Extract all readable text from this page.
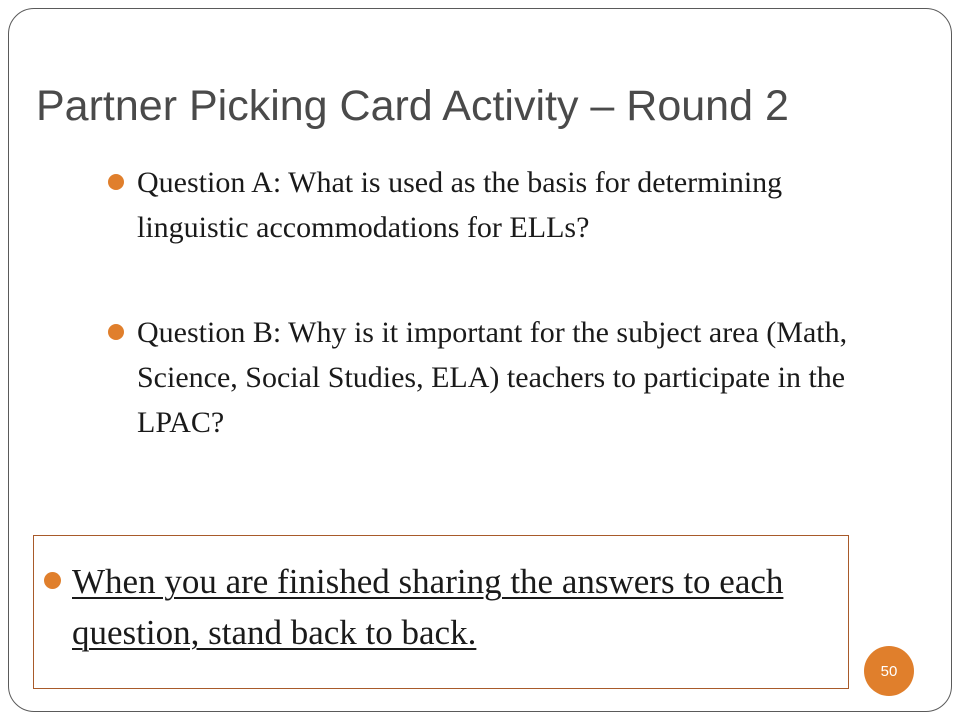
Partner Picking Card Activity – Round 2
Question A: What is used as the basis for determining linguistic accommodations for ELLs?
Question B: Why is it important for the subject area (Math, Science, Social Studies, ELA) teachers to participate in the LPAC?
When you are finished sharing the answers to each question, stand back to back.
50
